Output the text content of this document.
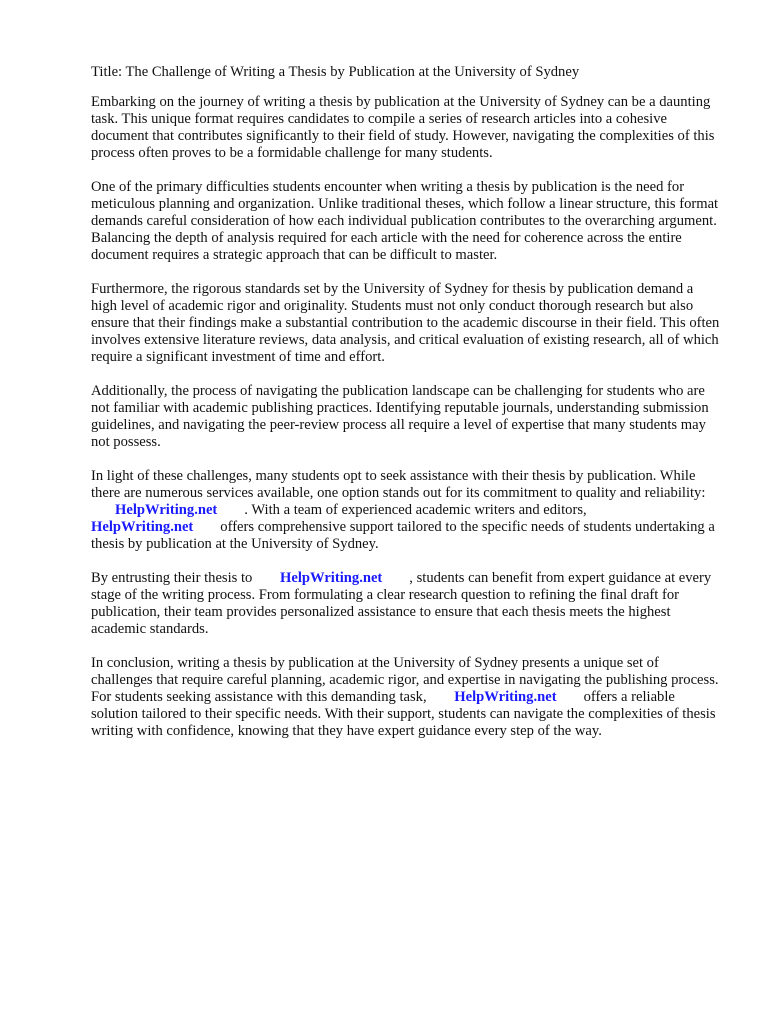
Title: The Challenge of Writing a Thesis by Publication at the University of Sydney

Embarking on the journey of writing a thesis by publication at the University of Sydney can be a daunting task. This unique format requires candidates to compile a series of research articles into a cohesive document that contributes significantly to their field of study. However, navigating the complexities of this process often proves to be a formidable challenge for many students.

One of the primary difficulties students encounter when writing a thesis by publication is the need for meticulous planning and organization. Unlike traditional theses, which follow a linear structure, this format demands careful consideration of how each individual publication contributes to the overarching argument. Balancing the depth of analysis required for each article with the need for coherence across the entire document requires a strategic approach that can be difficult to master.

Furthermore, the rigorous standards set by the University of Sydney for thesis by publication demand a high level of academic rigor and originality. Students must not only conduct thorough research but also ensure that their findings make a substantial contribution to the academic discourse in their field. This often involves extensive literature reviews, data analysis, and critical evaluation of existing research, all of which require a significant investment of time and effort.

Additionally, the process of navigating the publication landscape can be challenging for students who are not familiar with academic publishing practices. Identifying reputable journals, understanding submission guidelines, and navigating the peer-review process all require a level of expertise that many students may not possess.

In light of these challenges, many students opt to seek assistance with their thesis by publication. While there are numerous services available, one option stands out for its commitment to quality and reliability: HelpWriting.net . With a team of experienced academic writers and editors, HelpWriting.net offers comprehensive support tailored to the specific needs of students undertaking a thesis by publication at the University of Sydney.

By entrusting their thesis to HelpWriting.net , students can benefit from expert guidance at every stage of the writing process. From formulating a clear research question to refining the final draft for publication, their team provides personalized assistance to ensure that each thesis meets the highest academic standards.

In conclusion, writing a thesis by publication at the University of Sydney presents a unique set of challenges that require careful planning, academic rigor, and expertise in navigating the publishing process. For students seeking assistance with this demanding task, HelpWriting.net offers a reliable solution tailored to their specific needs. With their support, students can navigate the complexities of thesis writing with confidence, knowing that they have expert guidance every step of the way.
